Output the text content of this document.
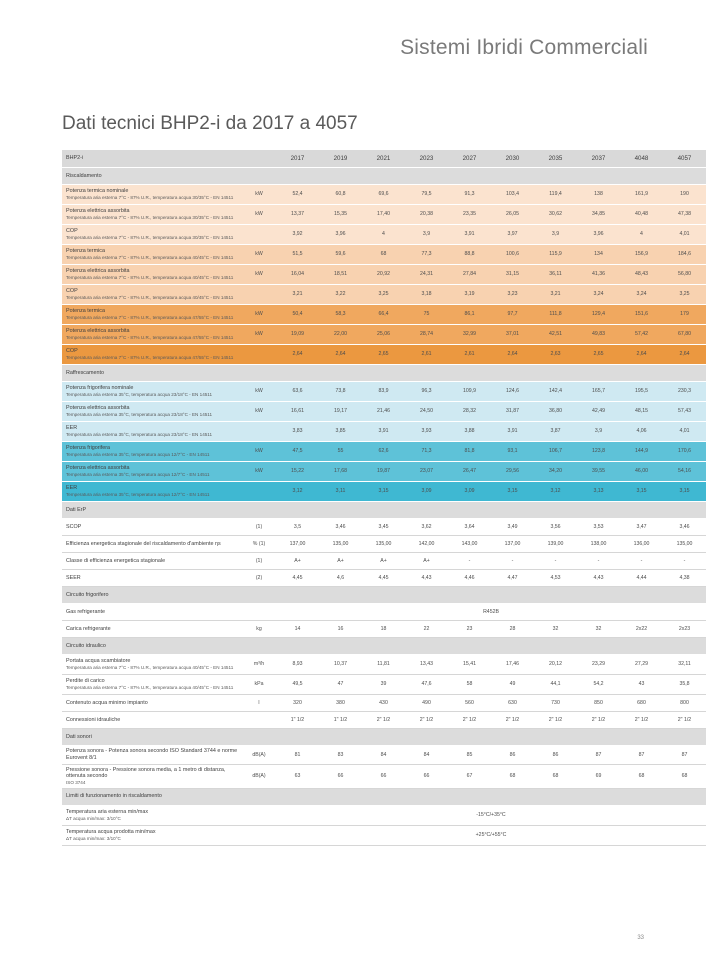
Sistemi Ibridi Commerciali
Dati tecnici BHP2-i da 2017 a 4057
BHP2-i		2017	2019	2021	2023	2027	2030	2035	2037	4048	4057
Riscaldamento											

Potenza termica nominale
Temperatura aria esterna 7°C - 87% U.R., temperatura acqua 30/35°C - EN 14511	kW	52,4	60,8	69,6	79,5	91,3	103,4	119,4	138	161,9	190

Potenza elettrica assorbita
Temperatura aria esterna 7°C - 87% U.R., temperatura acqua 30/35°C - EN 14511	kW	13,37	15,35	17,40	20,38	23,35	26,05	30,62	34,85	40,48	47,38

COP
Temperatura aria esterna 7°C - 87% U.R., temperatura acqua 30/35°C - EN 14511		3,92	3,96	4	3,9	3,91	3,97	3,9	3,96	4	4,01

Potenza termica
Temperatura aria esterna 7°C - 87% U.R., temperatura acqua 40/45°C - EN 14511	kW	51,5	59,6	68	77,3	88,8	100,6	115,9	134	156,9	184,6

Potenza elettrica assorbita
Temperatura aria esterna 7°C - 87% U.R., temperatura acqua 40/45°C - EN 14511	kW	16,04	18,51	20,92	24,31	27,84	31,15	36,11	41,36	48,43	56,80

COP
Temperatura aria esterna 7°C - 87% U.R., temperatura acqua 40/45°C - EN 14511		3,21	3,22	3,25	3,18	3,19	3,23	3,21	3,24	3,24	3,25

Potenza termica
Temperatura aria esterna 7°C - 87% U.R., temperatura acqua 47/55°C - EN 14511	kW	50,4	58,3	66,4	75	86,1	97,7	111,8	129,4	151,6	179

Potenza elettrica assorbita
Temperatura aria esterna 7°C - 87% U.R., temperatura acqua 47/55°C - EN 14511	kW	19,09	22,00	25,06	28,74	32,99	37,01	42,51	49,83	57,42	67,80

COP
Temperatura aria esterna 7°C - 87% U.R., temperatura acqua 47/55°C - EN 14511		2,64	2,64	2,65	2,61	2,61	2,64	2,63	2,65	2,64	2,64
Raffrescamento											

Potenza frigorifera nominale
Temperatura aria esterna 35°C, temperatura acqua 23/18°C - EN 14511	kW	63,6	73,8	83,9	96,3	109,9	124,6	142,4	165,7	195,5	230,3

Potenza elettrica assorbita
Temperatura aria esterna 35°C, temperatura acqua 23/18°C - EN 14511	kW	16,61	19,17	21,46	24,50	28,32	31,87	36,80	42,49	48,15	57,43

EER
Temperatura aria esterna 35°C, temperatura acqua 23/18°C - EN 14511		3,83	3,85	3,91	3,93	3,88	3,91	3,87	3,9	4,06	4,01

Potenza frigorifera
Temperatura aria esterna 35°C, temperatura acqua 12/7°C - EN 14511	kW	47,5	55	62,6	71,3	81,8	93,1	106,7	123,8	144,9	170,6

Potenza elettrica assorbita
Temperatura aria esterna 35°C, temperatura acqua 12/7°C - EN 14511	kW	15,22	17,68	19,87	23,07	26,47	29,56	34,20	39,55	46,00	54,16

EER
Temperatura aria esterna 35°C, temperatura acqua 12/7°C - EN 14511		3,12	3,11	3,15	3,09	3,09	3,15	3,12	3,13	3,15	3,15
Dati ErP											

SCOP	(1)	3,5	3,46	3,45	3,62	3,64	3,49	3,56	3,53	3,47	3,46

Efficienza energetica stagionale del riscaldamento d'ambiente ηs	% (1)	137,00	135,00	135,00	142,00	143,00	137,00	139,00	138,00	136,00	135,00

Classe di efficienza energetica stagionale	(1)	A+	A+	A+	A+	-	-	-	-	-	-

SEER	(2)	4,45	4,6	4,45	4,43	4,46	4,47	4,53	4,43	4,44	4,38
Circuito frigorifero											

Gas refrigerante		R452B									

Carica refrigerante	kg	14	16	18	22	23	28	32	32	2x22	2x23
Circuito idraulico											

Portata acqua scambiatore
Temperatura aria esterna 7°C - 87% U.R., temperatura acqua 40/45°C - EN 14511	m³/h	8,93	10,37	11,81	13,43	15,41	17,46	20,12	23,29	27,29	32,11

Perdite di carico
Temperatura aria esterna 7°C - 87% U.R., temperatura acqua 40/45°C - EN 14511	kPa	49,5	47	39	47,6	58	49	44,1	54,2	43	35,8

Contenuto acqua minimo impianto	l	320	380	430	490	560	630	730	850	680	800

Connessioni idrauliche		1" 1/2	1" 1/2	2" 1/2	2" 1/2	2" 1/2	2" 1/2	2" 1/2	2" 1/2	2" 1/2	2" 1/2
Dati sonori											

Potenza sonora - Potenza sonora secondo ISO Standard 3744 e norme Eurovent 8/1	dB(A)	81	83	84	84	85	86	86	87	87	87

Pressione sonora - Pressione sonora media, a 1 metro di distanza, ottenuta secondo
ISO 3744	dB(A)	63	66	66	66	67	68	68	69	68	68
Limiti di funzionamento in riscaldamento											

Temperatura aria esterna min/max
ΔT acqua min/max: 3/10°C		-15°C/+35°C									

Temperatura acqua prodotta min/max
ΔT acqua min/max: 3/10°C		+25°C/+55°C									
33
